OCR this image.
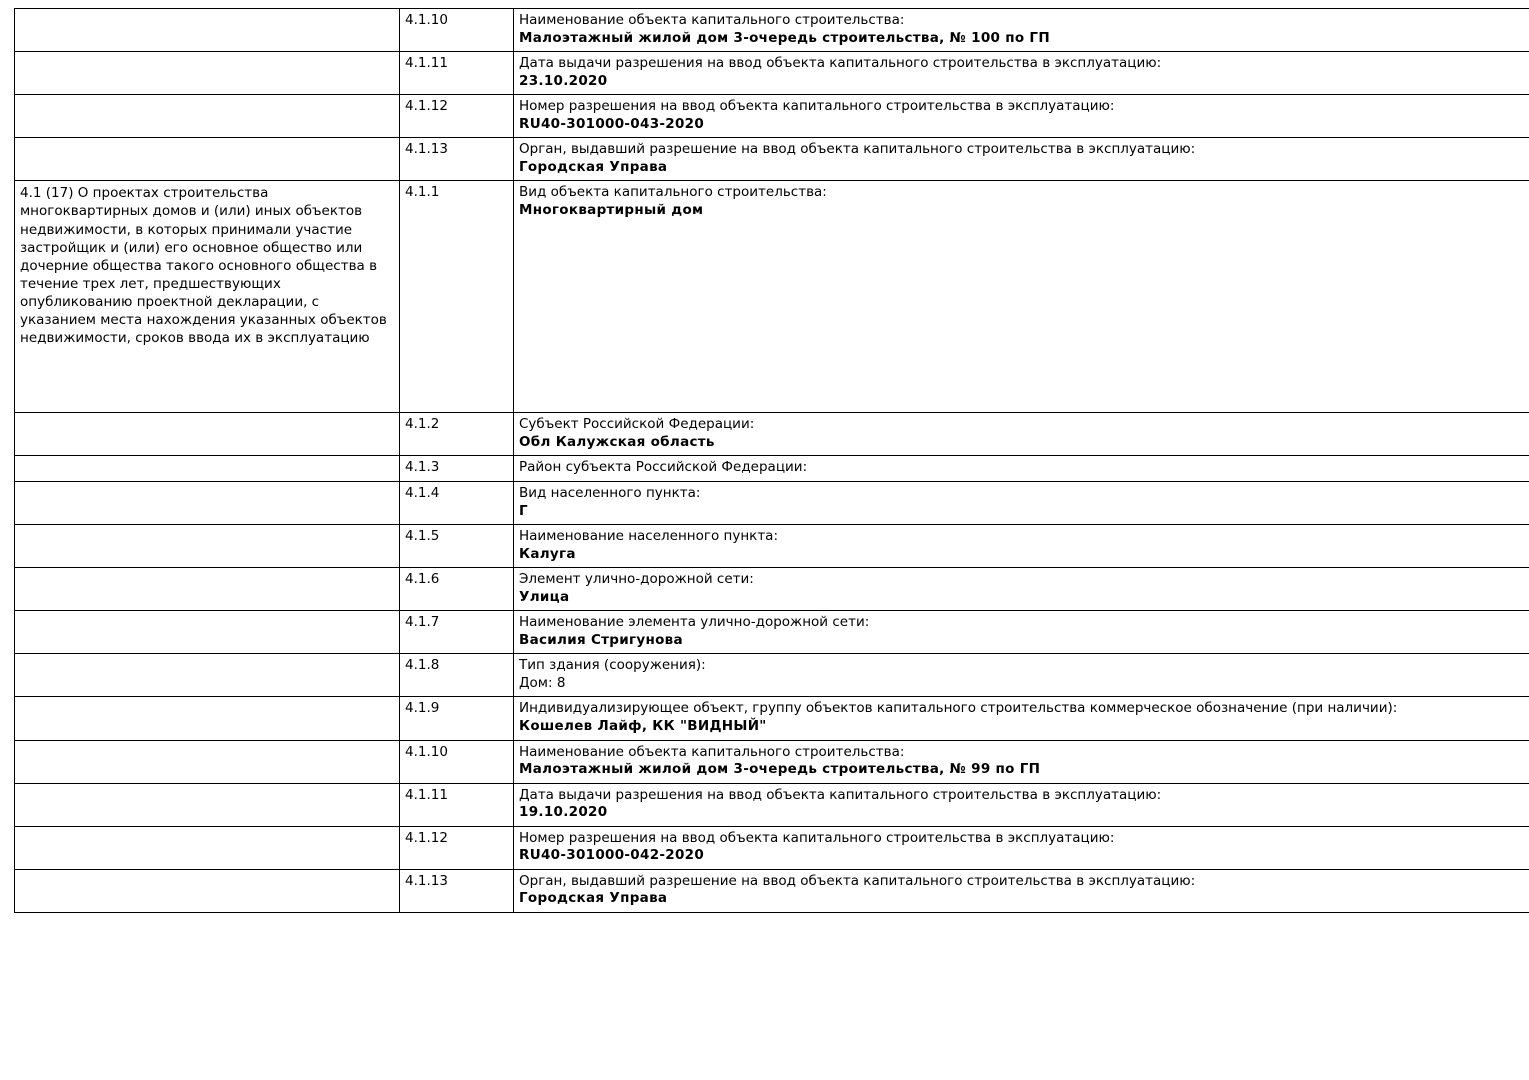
	4.1.10	Наименование объекта капитального строительства:
Малоэтажный жилой дом 3-очередь строительства, № 100 по ГП

	4.1.11	Дата выдачи разрешения на ввод объекта капитального строительства в эксплуатацию:
23.10.2020

	4.1.12	Номер разрешения на ввод объекта капитального строительства в эксплуатацию:
RU40-301000-043-2020

	4.1.13	Орган, выдавший разрешение на ввод объекта капитального строительства в эксплуатацию:
Городская Управа

4.1 (17) О проектах строительства многоквартирных домов и (или) иных объектов недвижимости, в которых принимали участие застройщик и (или) его основное общество или дочерние общества такого основного общества в течение трех лет, предшествующих опубликованию проектной декларации, с указанием места нахождения указанных объектов недвижимости, сроков ввода их в эксплуатацию	4.1.1	Вид объекта капитального строительства:
Многоквартирный дом

	4.1.2	Субъект Российской Федерации:
Обл Калужская область

	4.1.3	Район субъекта Российской Федерации:

	4.1.4	Вид населенного пункта:
Г

	4.1.5	Наименование населенного пункта:
Калуга

	4.1.6	Элемент улично-дорожной сети:
Улица

	4.1.7	Наименование элемента улично-дорожной сети:
Василия Стригунова

	4.1.8	Тип здания (сооружения):
Дом: 8

	4.1.9	Индивидуализирующее объект, группу объектов капитального строительства коммерческое обозначение (при наличии):
Кошелев Лайф, КК "ВИДНЫЙ"

	4.1.10	Наименование объекта капитального строительства:
Малоэтажный жилой дом 3-очередь строительства, № 99 по ГП

	4.1.11	Дата выдачи разрешения на ввод объекта капитального строительства в эксплуатацию:
19.10.2020

	4.1.12	Номер разрешения на ввод объекта капитального строительства в эксплуатацию:
RU40-301000-042-2020

	4.1.13	Орган, выдавший разрешение на ввод объекта капитального строительства в эксплуатацию:
Городская Управа
